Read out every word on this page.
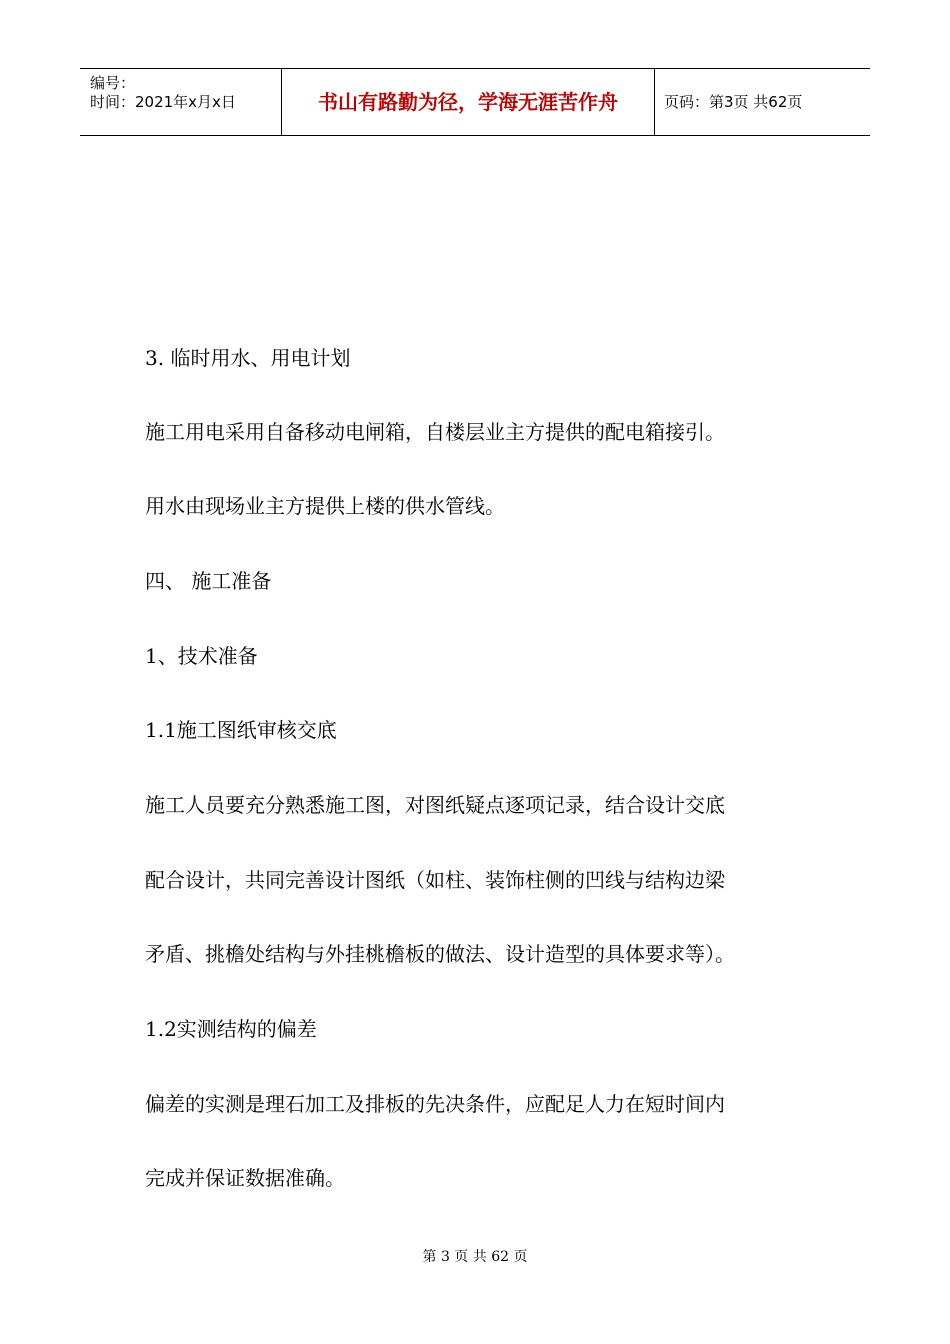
编号：
时间：2021年x月x日	书山有路勤为径，学海无涯苦作舟	页码：第3页 共62页
3. 临时用水、用电计划
施工用电采用自备移动电闸箱，自楼层业主方提供的配电箱接引。
用水由现场业主方提供上楼的供水管线。
四、 施工准备
1、技术准备
1.1施工图纸审核交底
施工人员要充分熟悉施工图，对图纸疑点逐项记录，结合设计交底
配合设计，共同完善设计图纸（如柱、装饰柱侧的凹线与结构边梁
矛盾、挑檐处结构与外挂桃檐板的做法、设计造型的具体要求等）。
1.2实测结构的偏差
偏差的实测是理石加工及排板的先决条件，应配足人力在短时间内
完成并保证数据准确。
第 3 页 共 62 页
